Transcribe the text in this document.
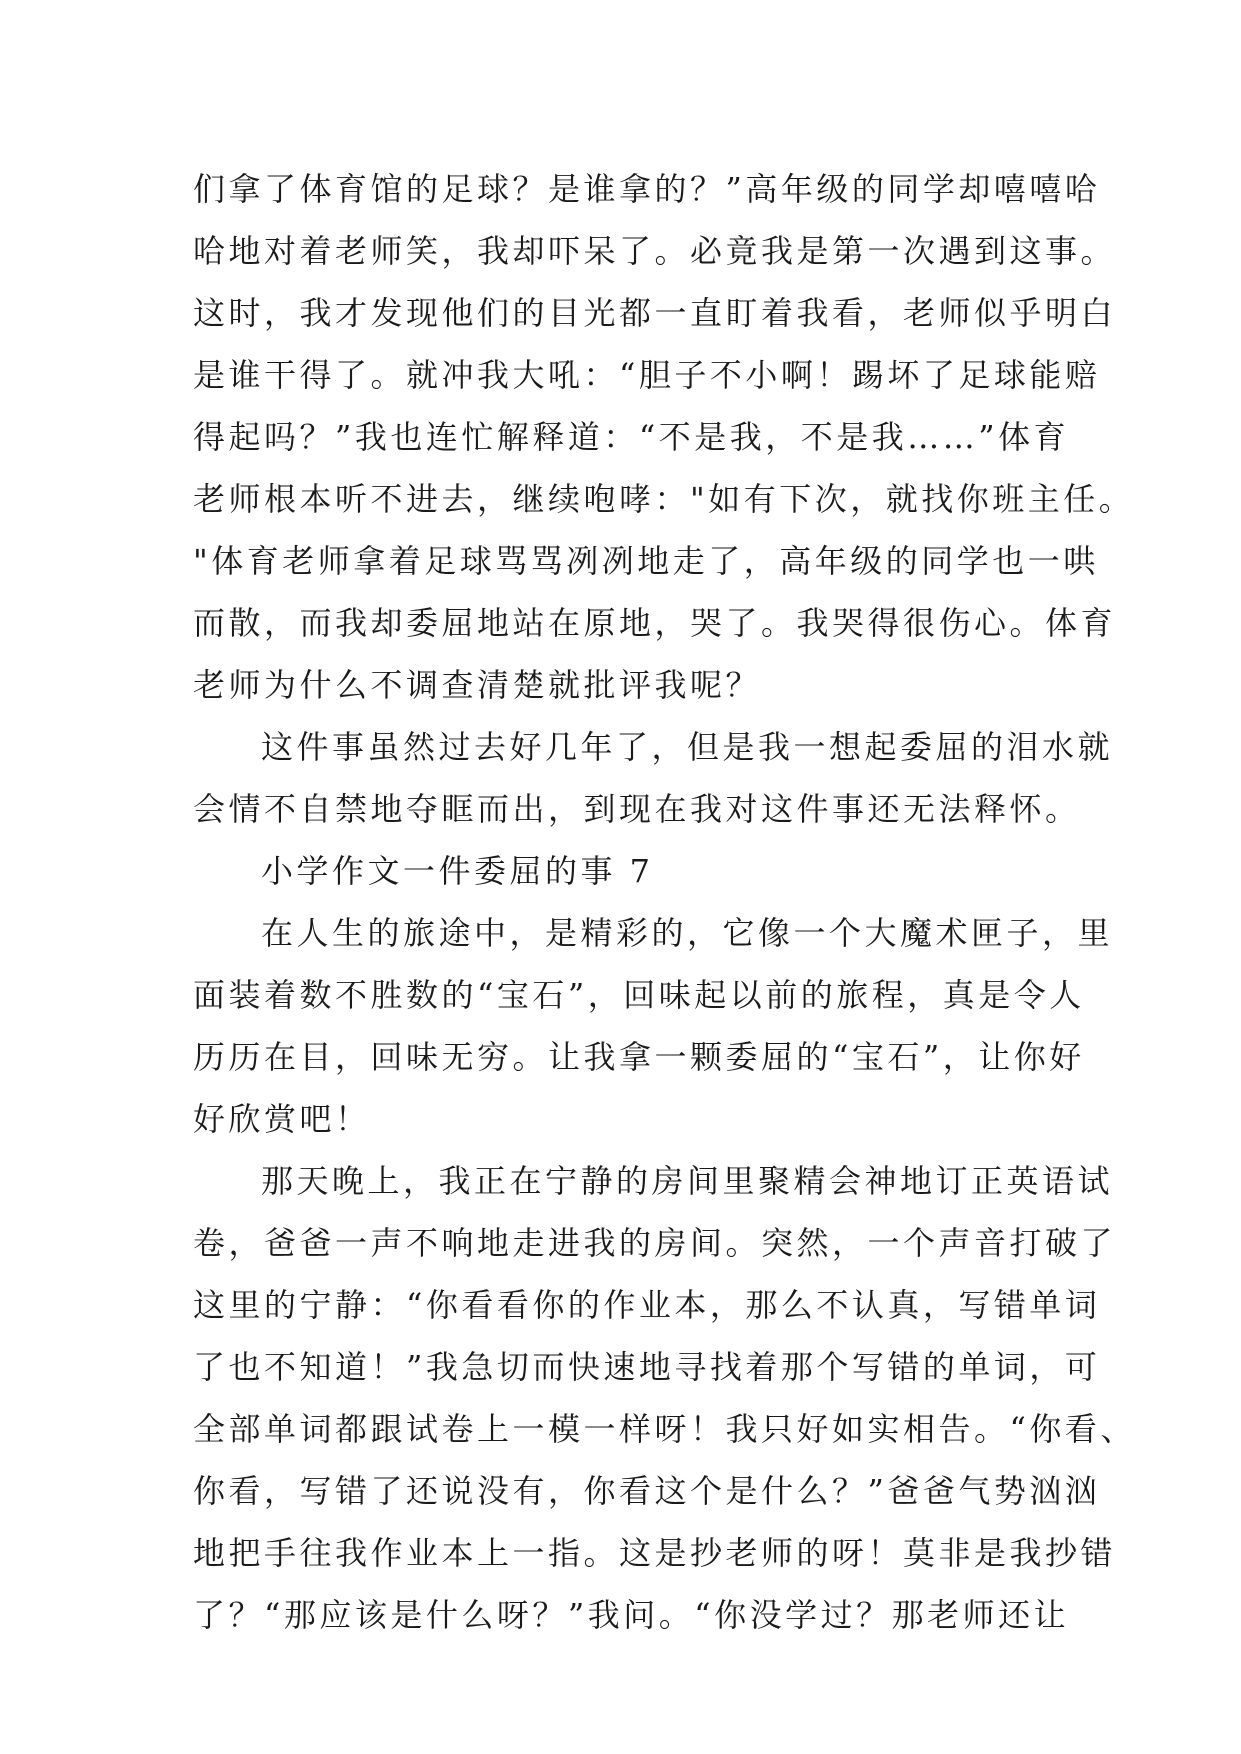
们拿了体育馆的足球？是谁拿的？”高年级的同学却嘻嘻哈
哈地对着老师笑，我却吓呆了。必竟我是第一次遇到这事。
这时，我才发现他们的目光都一直盯着我看，老师似乎明白
是谁干得了。就冲我大吼：“胆子不小啊！踢坏了足球能赔
得起吗？”我也连忙解释道：“不是我，不是我……”体育
老师根本听不进去，继续咆哮："如有下次，就找你班主任。
"体育老师拿着足球骂骂冽冽地走了，高年级的同学也一哄
而散，而我却委屈地站在原地，哭了。我哭得很伤心。体育
老师为什么不调查清楚就批评我呢？
这件事虽然过去好几年了，但是我一想起委屈的泪水就
会情不自禁地夺眶而出，到现在我对这件事还无法释怀。
小学作文一件委屈的事 7
在人生的旅途中，是精彩的，它像一个大魔术匣子，里
面装着数不胜数的“宝石”，回味起以前的旅程，真是令人
历历在目，回味无穷。让我拿一颗委屈的“宝石”，让你好
好欣赏吧！
那天晚上，我正在宁静的房间里聚精会神地订正英语试
卷，爸爸一声不响地走进我的房间。突然，一个声音打破了
这里的宁静：“你看看你的作业本，那么不认真，写错单词
了也不知道！”我急切而快速地寻找着那个写错的单词，可
全部单词都跟试卷上一模一样呀！我只好如实相告。“你看、
你看，写错了还说没有，你看这个是什么？”爸爸气势汹汹
地把手往我作业本上一指。这是抄老师的呀！莫非是我抄错
了？“那应该是什么呀？”我问。“你没学过？那老师还让
